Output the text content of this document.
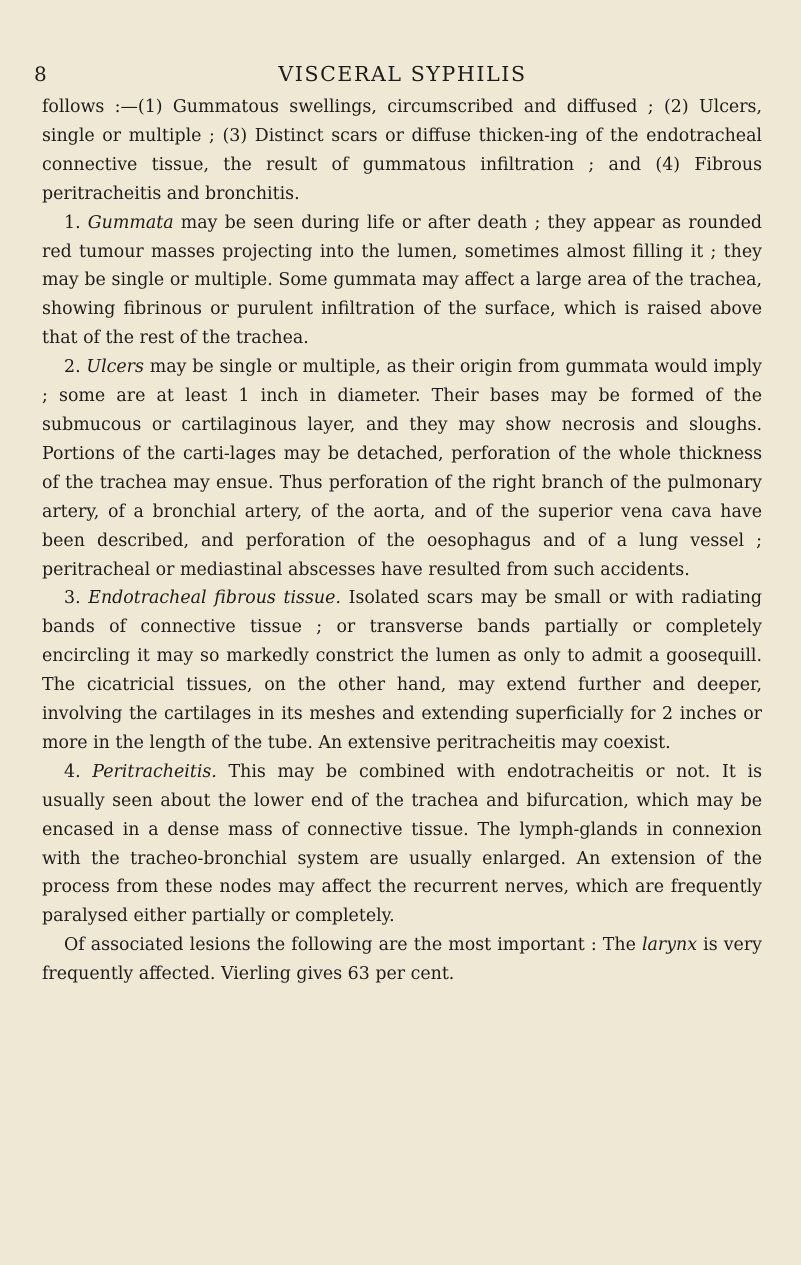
8	VISCERAL SYPHILIS

follows :—(1) Gummatous swellings, circumscribed and diffused ; (2) Ulcers, single or multiple ; (3) Distinct scars or diffuse thicken-ing of the endotracheal connective tissue, the result of gummatous infiltration ; and (4) Fibrous peritracheitis and bronchitis.

1. Gummata may be seen during life or after death ; they appear as rounded red tumour masses projecting into the lumen, sometimes almost filling it ; they may be single or multiple. Some gummata may affect a large area of the trachea, showing fibrinous or purulent infiltration of the surface, which is raised above that of the rest of the trachea.

2. Ulcers may be single or multiple, as their origin from gummata would imply ; some are at least 1 inch in diameter. Their bases may be formed of the submucous or cartilaginous layer, and they may show necrosis and sloughs. Portions of the carti-lages may be detached, perforation of the whole thickness of the trachea may ensue. Thus perforation of the right branch of the pulmonary artery, of a bronchial artery, of the aorta, and of the superior vena cava have been described, and perforation of the oesophagus and of a lung vessel ; peritracheal or mediastinal abscesses have resulted from such accidents.

3. Endotracheal fibrous tissue. Isolated scars may be small or with radiating bands of connective tissue ; or transverse bands partially or completely encircling it may so markedly constrict the lumen as only to admit a goosequill. The cicatricial tissues, on the other hand, may extend further and deeper, involving the cartilages in its meshes and extending superficially for 2 inches or more in the length of the tube. An extensive peritracheitis may coexist.

4. Peritracheitis. This may be combined with endotracheitis or not. It is usually seen about the lower end of the trachea and bifurcation, which may be encased in a dense mass of connective tissue. The lymph-glands in connexion with the tracheo-bronchial system are usually enlarged. An extension of the process from these nodes may affect the recurrent nerves, which are frequently paralysed either partially or completely.

Of associated lesions the following are the most important : The larynx is very frequently affected. Vierling gives 63 per cent.
